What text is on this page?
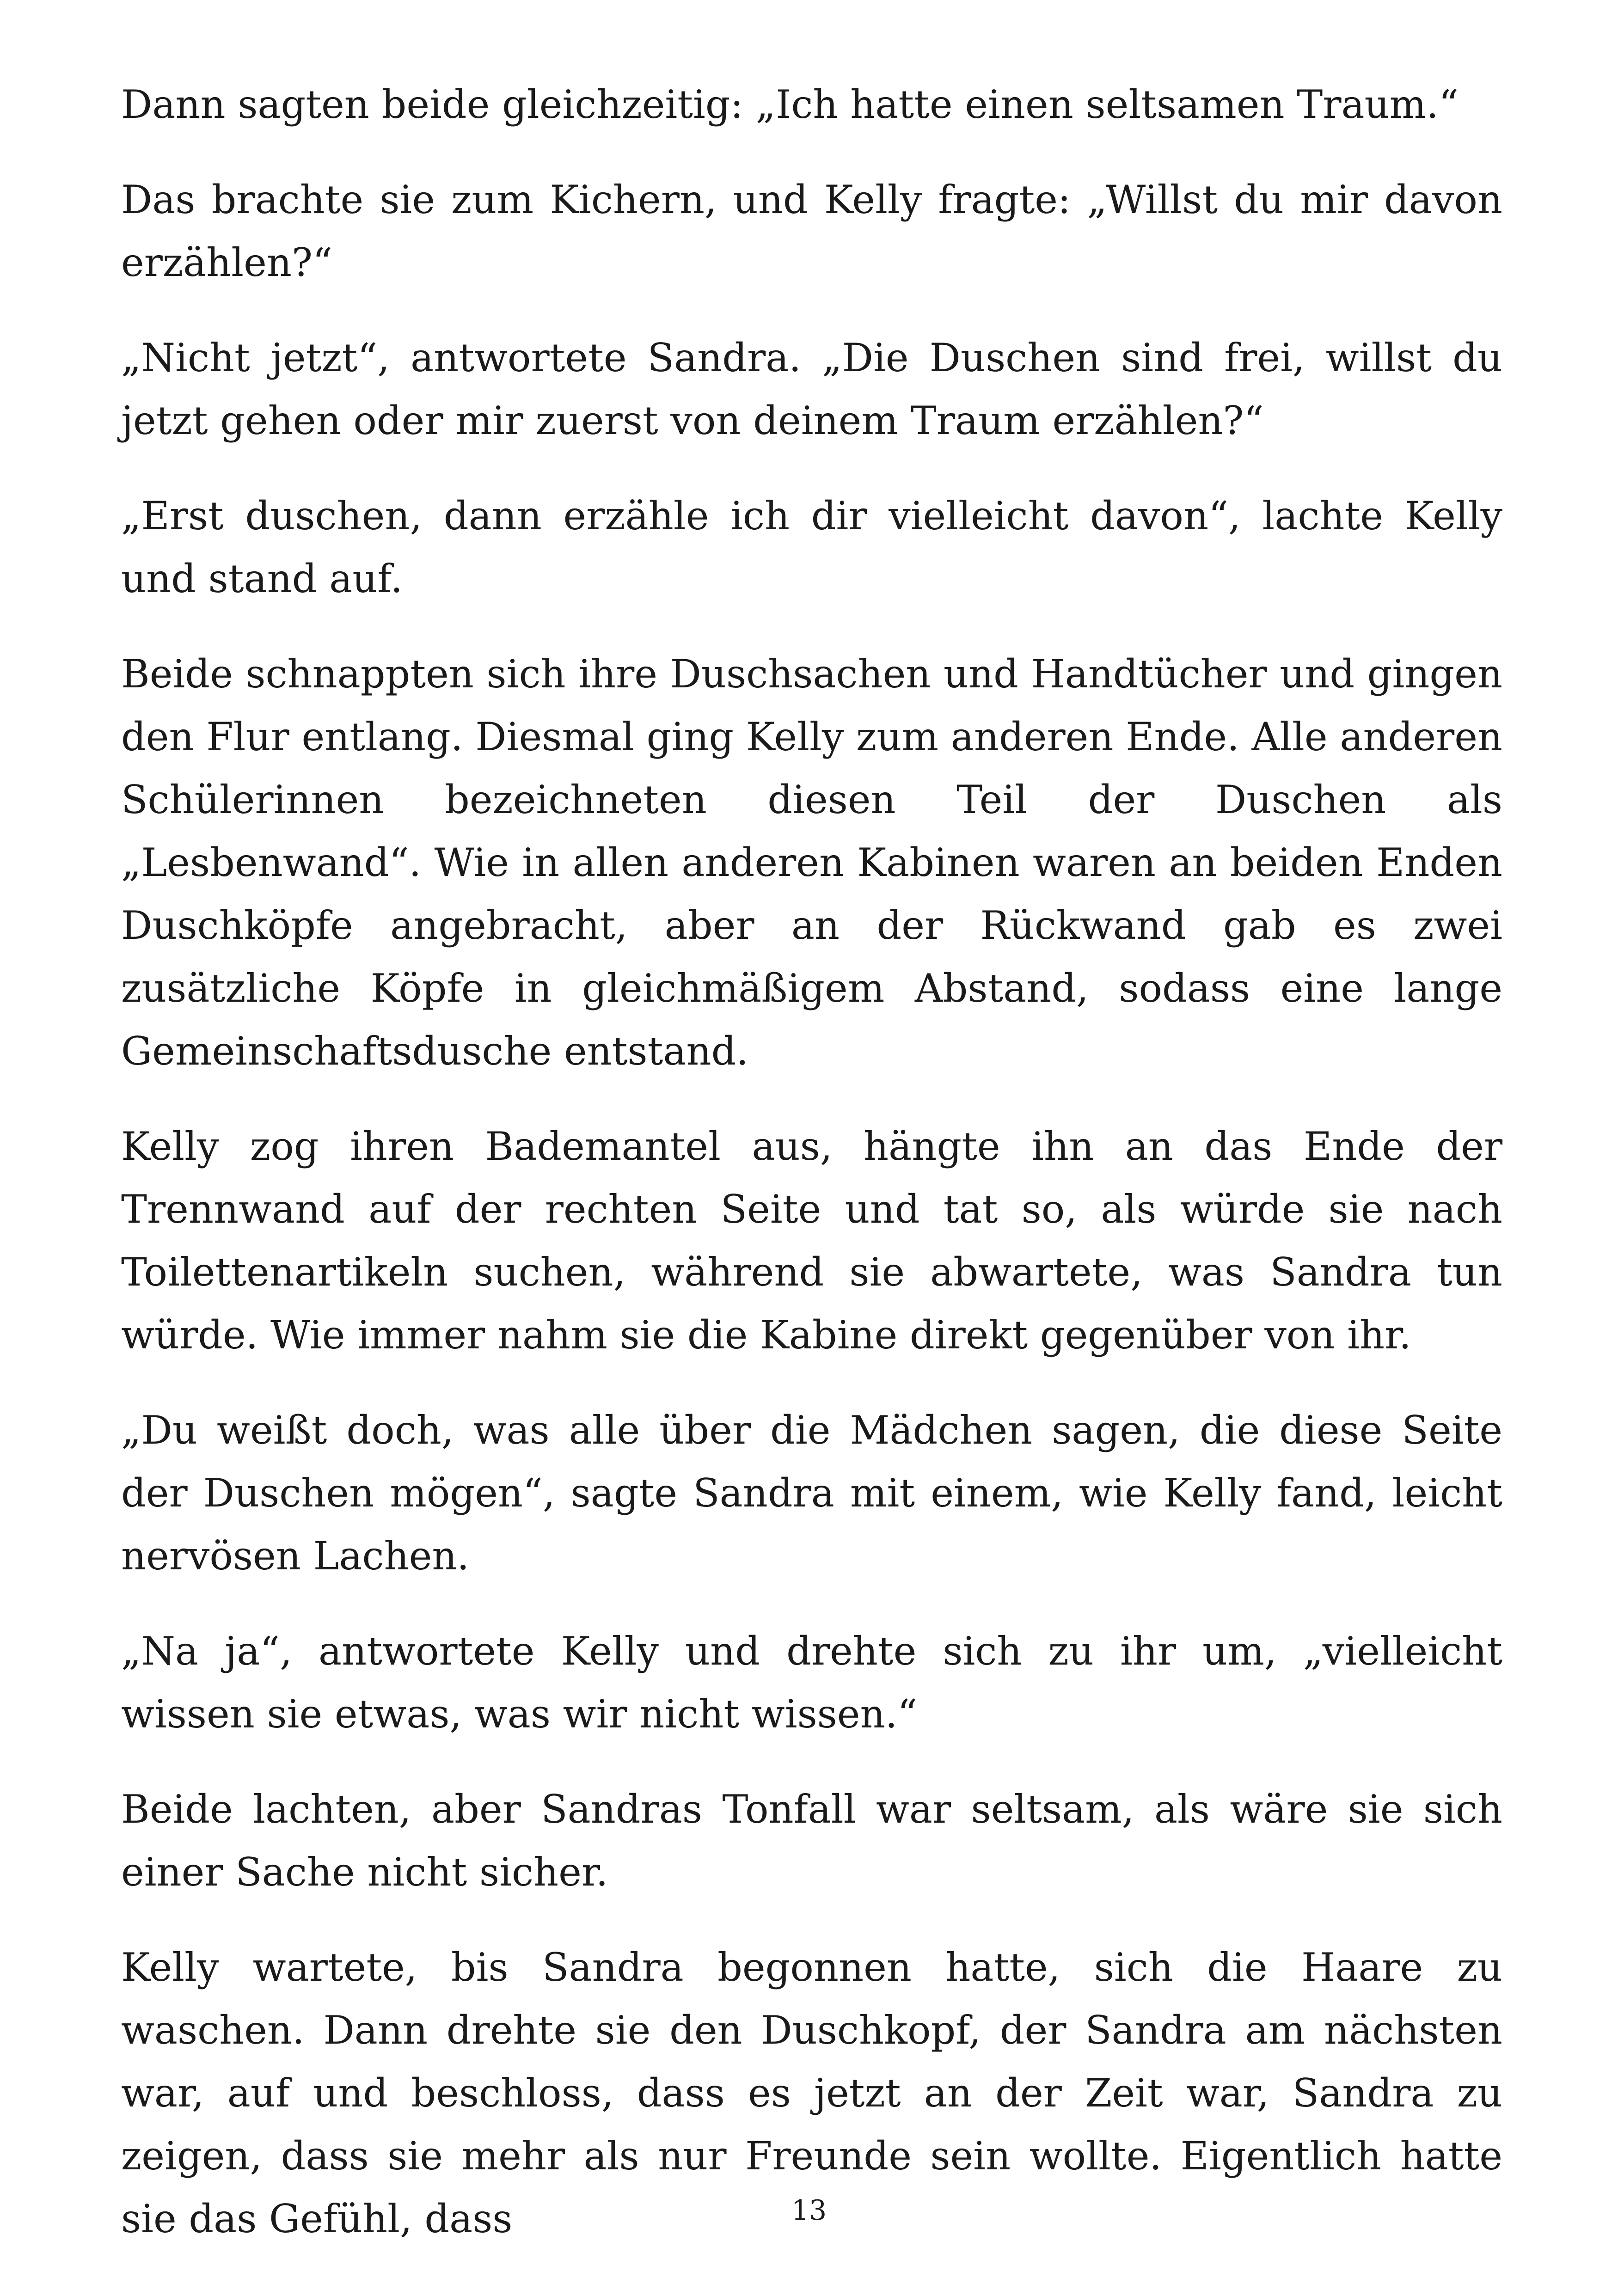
Dann sagten beide gleichzeitig: „Ich hatte einen seltsamen Traum.“

Das brachte sie zum Kichern, und Kelly fragte: „Willst du mir davon erzählen?“

„Nicht jetzt“, antwortete Sandra. „Die Duschen sind frei, willst du jetzt gehen oder mir zuerst von deinem Traum erzählen?“

„Erst duschen, dann erzähle ich dir vielleicht davon“, lachte Kelly und stand auf.

Beide schnappten sich ihre Duschsachen und Handtücher und gingen den Flur entlang. Diesmal ging Kelly zum anderen Ende. Alle anderen Schülerinnen bezeichneten diesen Teil der Duschen als „Lesbenwand“. Wie in allen anderen Kabinen waren an beiden Enden Duschköpfe angebracht, aber an der Rückwand gab es zwei zusätzliche Köpfe in gleichmäßigem Abstand, sodass eine lange Gemeinschaftsdusche entstand.

Kelly zog ihren Bademantel aus, hängte ihn an das Ende der Trennwand auf der rechten Seite und tat so, als würde sie nach Toilettenartikeln suchen, während sie abwartete, was Sandra tun würde. Wie immer nahm sie die Kabine direkt gegenüber von ihr.

„Du weißt doch, was alle über die Mädchen sagen, die diese Seite der Duschen mögen“, sagte Sandra mit einem, wie Kelly fand, leicht nervösen Lachen.

„Na ja“, antwortete Kelly und drehte sich zu ihr um, „vielleicht wissen sie etwas, was wir nicht wissen.“

Beide lachten, aber Sandras Tonfall war seltsam, als wäre sie sich einer Sache nicht sicher.

Kelly wartete, bis Sandra begonnen hatte, sich die Haare zu waschen. Dann drehte sie den Duschkopf, der Sandra am nächsten war, auf und beschloss, dass es jetzt an der Zeit war, Sandra zu zeigen, dass sie mehr als nur Freunde sein wollte. Eigentlich hatte sie das Gefühl, dass	13
